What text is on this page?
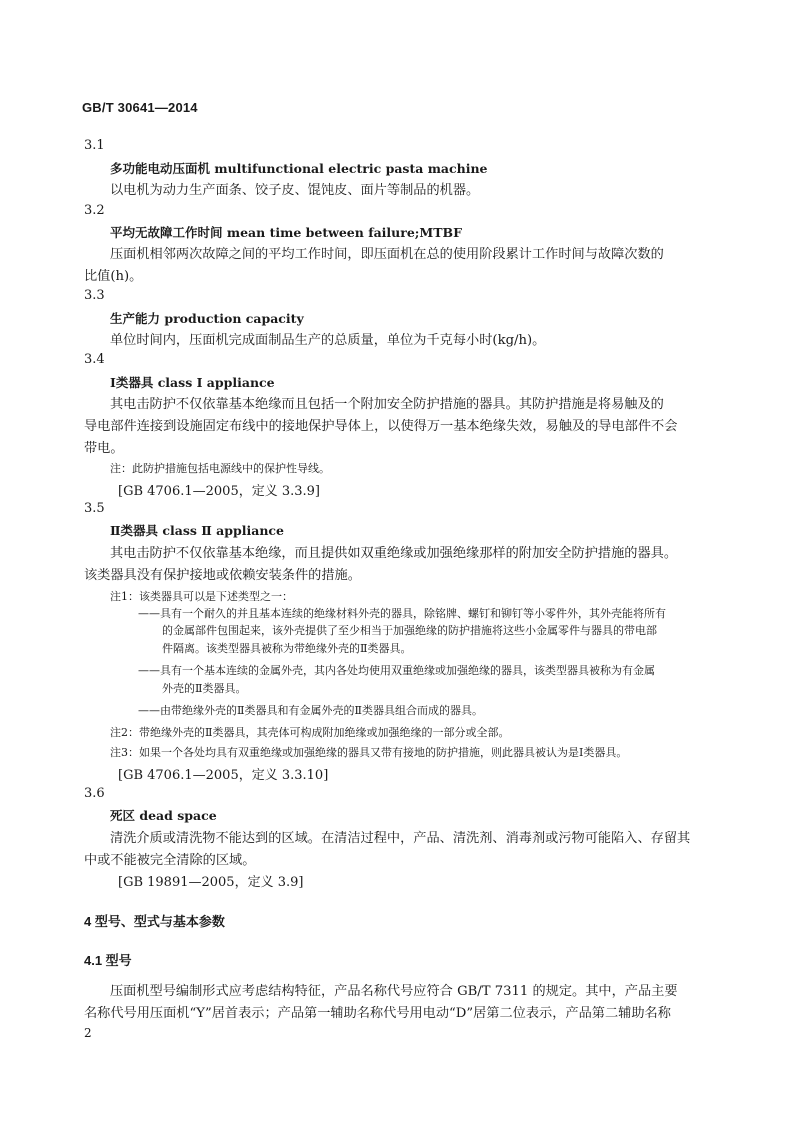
GB/T 30641—2014
3.1
多功能电动压面机 multifunctional electric pasta machine
以电机为动力生产面条、饺子皮、馄饨皮、面片等制品的机器。
3.2
平均无故障工作时间 mean time between failure;MTBF
压面机相邻两次故障之间的平均工作时间，即压面机在总的使用阶段累计工作时间与故障次数的
比值(h)。
3.3
生产能力 production capacity
单位时间内，压面机完成面制品生产的总质量，单位为千克每小时(kg/h)。
3.4
Ⅰ类器具 class Ⅰ appliance
其电击防护不仅依靠基本绝缘而且包括一个附加安全防护措施的器具。其防护措施是将易触及的
导电部件连接到设施固定布线中的接地保护导体上，以使得万一基本绝缘失效，易触及的导电部件不会
带电。
注：此防护措施包括电源线中的保护性导线。
[GB 4706.1—2005，定义 3.3.9]
3.5
Ⅱ类器具 class Ⅱ appliance
其电击防护不仅依靠基本绝缘，而且提供如双重绝缘或加强绝缘那样的附加安全防护措施的器具。
该类器具没有保护接地或依赖安装条件的措施。
注1：该类器具可以是下述类型之一：
——具有一个耐久的并且基本连续的绝缘材料外壳的器具，除铭牌、螺钉和铆钉等小零件外，其外壳能将所有
的金属部件包围起来，该外壳提供了至少相当于加强绝缘的防护措施将这些小金属零件与器具的带电部
件隔离。该类型器具被称为带绝缘外壳的Ⅱ类器具。
——具有一个基本连续的金属外壳，其内各处均使用双重绝缘或加强绝缘的器具，该类型器具被称为有金属
外壳的Ⅱ类器具。
——由带绝缘外壳的Ⅱ类器具和有金属外壳的Ⅱ类器具组合而成的器具。
注2：带绝缘外壳的Ⅱ类器具，其壳体可构成附加绝缘或加强绝缘的一部分或全部。
注3：如果一个各处均具有双重绝缘或加强绝缘的器具又带有接地的防护措施，则此器具被认为是Ⅰ类器具。
[GB 4706.1—2005，定义 3.3.10]
3.6
死区 dead space
清洗介质或清洗物不能达到的区域。在清洁过程中，产品、清洗剂、消毒剂或污物可能陷入、存留其
中或不能被完全清除的区域。
[GB 19891—2005，定义 3.9]
4 型号、型式与基本参数
4.1 型号
压面机型号编制形式应考虑结构特征，产品名称代号应符合 GB/T 7311 的规定。其中，产品主要
名称代号用压面机“Y”居首表示；产品第一辅助名称代号用电动“D”居第二位表示，产品第二辅助名称
2
